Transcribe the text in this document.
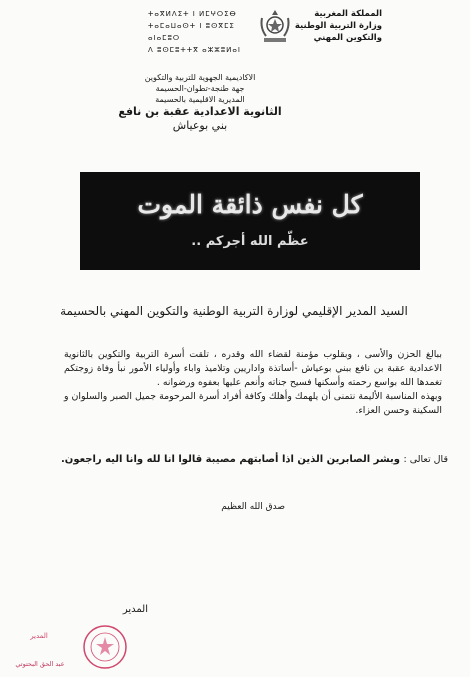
المملكة المغربية
وزارة التربية الوطنية
والتكوين المهني
ⵜⴰⴳⵍⴷⵉⵜ ⵏ ⵍⵎⵖⵔⵉⴱ
ⵜⴰⵎⴰⵡⴰⵙⵜ ⵏ ⵓⵙⴳⵎⵉ ⴰⵏⴰⵎⵓⵔ
ⴷ ⵓⵙⵎⵓⵜⵜⴳ ⴰⵣⵣⵓⵍⴰⵏ
الاكاديمية الجهوية للتربية والتكوين
جهة طنجة-تطوان-الحسيمة
المديرية الاقليمية بالحسيمة
الثانوية الاعدادية عقبة بن نافع
بني بوعياش
كل نفس ذائقة الموت
عظّم الله أجركم ..
السيد المدير الإقليمي لوزارة التربية الوطنية والتكوين المهني بالحسيمة

ببالغ الحزن والأسى ، وبقلوب مؤمنة لقضاء الله وقدره ، تلقت أسرة التربية والتكوين بالثانوية الاعدادية عقبة بن نافع ببني بوعياش -أساتذة واداريين وتلاميذ واباء وأولياء الأمور نبأ وفاة زوجتكم تغمدها الله بواسع رحمته وأسكنها فسيح جناته وأنعم عليها بعفوه ورضوانه .

وبهذه المناسبة الأليمة نتمنى أن يلهمك وأهلك وكافة أفراد أسرة المرحومة جميل الصبر والسلوان و السكينة وحسن العزاء.

قال تعالى : وبشر الصابرين الذين اذا أصابتهم مصيبة قالوا انا لله وانا اليه راجعون.
صدق الله العظيم
المدير
المدير
عبد الحق البحتوتي
